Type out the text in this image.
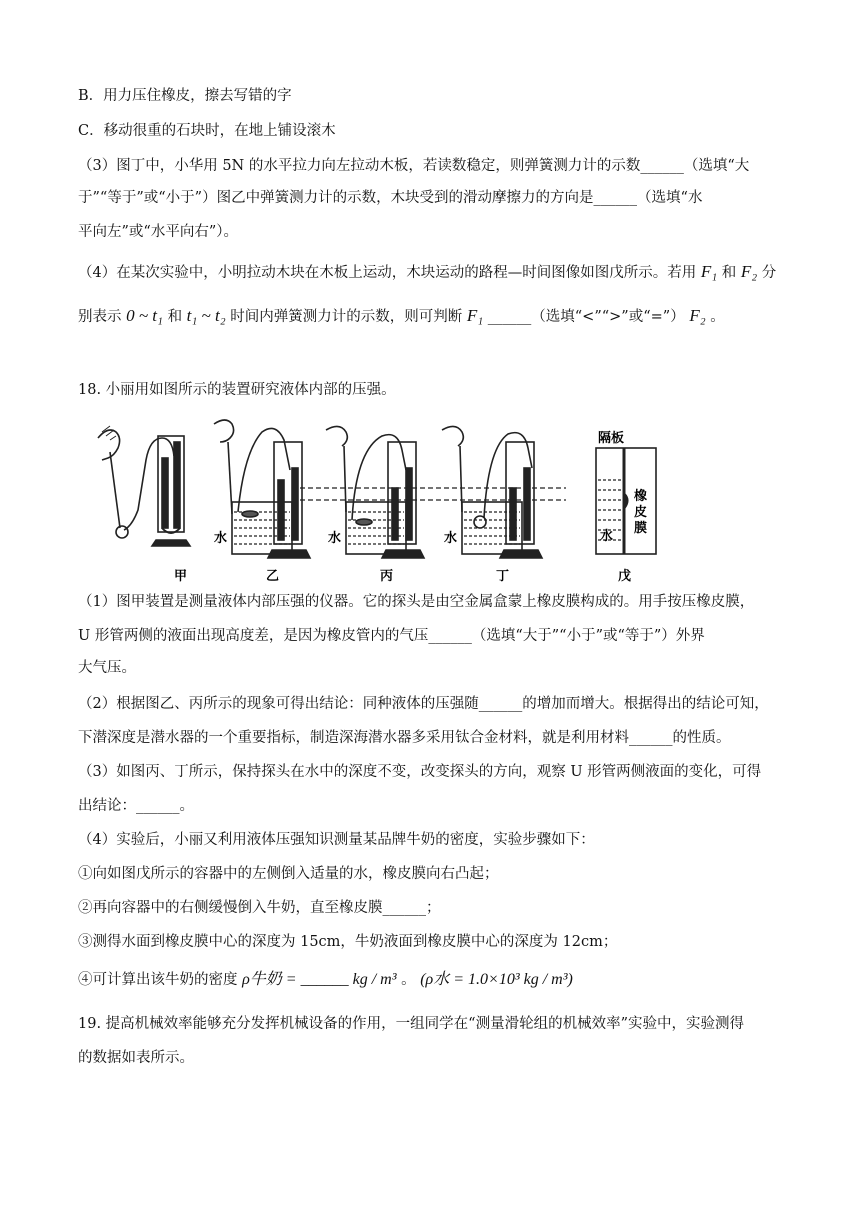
B．用力压住橡皮，擦去写错的字
C．移动很重的石块时，在地上铺设滚木
（3）图丁中，小华用 5N 的水平拉力向左拉动木板，若读数稳定，则弹簧测力计的示数______（选填“大
于”“等于”或“小于”）图乙中弹簧测力计的示数，木块受到的滑动摩擦力的方向是______（选填“水
平向左”或“水平向右”）。
（4）在某次实验中，小明拉动木块在木板上运动，木块运动的路程—时间图像如图戊所示。若用 F₁ 和 F₂ 分
别表示 0 ~ t₁ 和 t₁ ~ t₂ 时间内弹簧测力计的示数，则可判断 F₁ ______（选填“<”“>”或“=”） F₂ 。
18. 小丽用如图所示的装置研究液体内部的压强。
甲	乙	丙	丁	戊
水	水	水	水
隔板
橡
皮
膜
（1）图甲装置是测量液体内部压强的仪器。它的探头是由空金属盒蒙上橡皮膜构成的。用手按压橡皮膜，
U 形管两侧的液面出现高度差，是因为橡皮管内的气压______（选填“大于”“小于”或“等于”）外界
大气压。
（2）根据图乙、丙所示的现象可得出结论：同种液体的压强随______的增加而增大。根据得出的结论可知，
下潜深度是潜水器的一个重要指标，制造深海潜水器多采用钛合金材料，就是利用材料______的性质。
（3）如图丙、丁所示，保持探头在水中的深度不变，改变探头的方向，观察 U 形管两侧液面的变化，可得
出结论：______。
（4）实验后，小丽又利用液体压强知识测量某品牌牛奶的密度，实验步骤如下：
①向如图戊所示的容器中的左侧倒入适量的水，橡皮膜向右凸起；
②再向容器中的右侧缓慢倒入牛奶，直至橡皮膜______；
③测得水面到橡皮膜中心的深度为 15cm，牛奶液面到橡皮膜中心的深度为 12cm；
④可计算出该牛奶的密度 ρ牛奶 = ______ kg / m³ 。 (ρ水 = 1.0×10³ kg / m³)
19. 提高机械效率能够充分发挥机械设备的作用，一组同学在“测量滑轮组的机械效率”实验中，实验测得
的数据如表所示。
